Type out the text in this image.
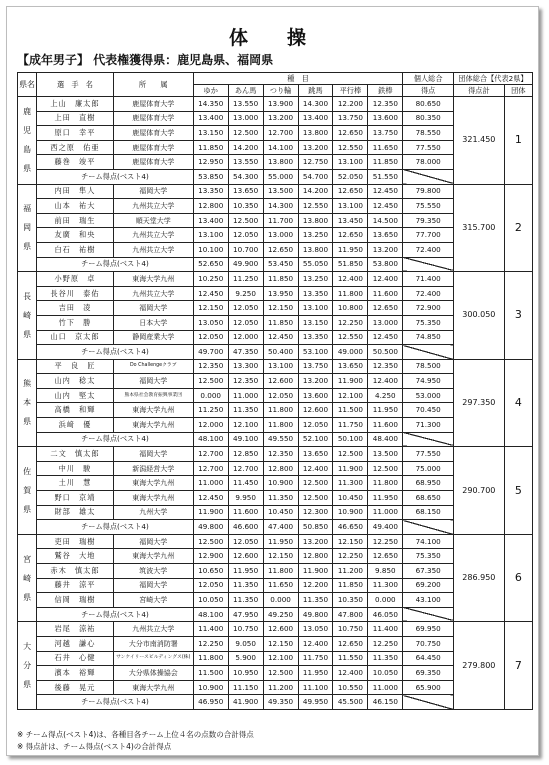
体　操
【成年男子】 代表権獲得県：鹿児島県、福岡県
県名	選　手　名	所　　属	種　目						個人総合	団体総合【代表2県】	
			ゆか	あん馬	つり輪	跳馬	平行棒	鉄棒	得点	得点計	団体

鹿
児
島
県	上山　廉太郎	鹿屋体育大学	14.350	13.550	13.900	14.300	12.200	12.350	80.650	321.450	1
	上田　直樹	鹿屋体育大学	13.400	13.000	13.200	13.400	13.750	13.600	80.350		
	原口　幸平	鹿屋体育大学	13.150	12.500	12.700	13.800	12.650	13.750	78.550		
	西之原　佑亜	鹿屋体育大学	11.850	14.200	14.100	13.200	12.550	11.650	77.550		
	藤巻　竣平	鹿屋体育大学	12.950	13.550	13.800	12.750	13.100	11.850	78.000		
	チーム得点(ベスト4)		53.850	54.300	55.000	54.700	52.050	51.550			

福
岡
県	内田　隼人	福岡大学	13.350	13.650	13.500	14.200	12.650	12.450	79.800	315.700	2
	山本　祐大	九州共立大学	12.800	10.350	14.300	12.550	13.100	12.450	75.550		
	前田　瑞生	順天堂大学	13.400	12.500	11.700	13.800	13.450	14.500	79.350		
	友廣　和央	九州共立大学	13.100	12.050	13.000	13.250	12.650	13.650	77.700		
	白石　祐樹	九州共立大学	10.100	10.700	12.650	13.800	11.950	13.200	72.400		
	チーム得点(ベスト4)		52.650	49.900	53.450	55.050	51.850	53.800			

長
崎
県	小野原　卓	東海大学九州	10.250	11.250	11.850	13.250	12.400	12.400	71.400	300.050	3
	長谷川　泰佑	九州共立大学	12.450	9.250	13.950	13.350	11.800	11.600	72.400		
	吉田　凌	福岡大学	12.150	12.050	12.150	13.100	10.800	12.650	72.900		
	竹下　勝	日本大学	13.050	12.050	11.850	13.150	12.250	13.000	75.350		
	山口　京太郎	静岡産業大学	12.050	12.000	12.450	13.350	12.550	12.450	74.850		
	チーム得点(ベスト4)		49.700	47.350	50.400	53.100	49.000	50.500			

熊
本
県	平　良　匠	Do Challengeクラブ	12.350	13.300	13.100	13.750	13.650	12.350	78.500	297.350	4
	山内　稔太	福岡大学	12.500	12.350	12.600	13.200	11.900	12.400	74.950		
	山内　堅太	熊本県社会教育振興事業団	0.000	11.000	12.050	13.600	12.100	4.250	53.000		
	高橋　和輝	東海大学九州	11.250	11.350	11.800	12.600	11.500	11.950	70.450		
	浜﨑　優	東海大学九州	12.000	12.100	11.800	12.050	11.750	11.600	71.300		
	チーム得点(ベスト4)		48.100	49.100	49.550	52.100	50.100	48.400			

佐
賀
県	二文　慎太郎	福岡大学	12.700	12.850	12.350	13.650	12.500	13.500	77.550	290.700	5
	中川　駿	新潟経営大学	12.700	12.700	12.800	12.400	11.900	12.500	75.000		
	土川　慧	東海大学九州	11.000	11.450	10.900	12.500	11.300	11.800	68.950		
	野口　京靖	東海大学九州	12.450	9.950	11.350	12.500	10.450	11.950	68.650		
	財部　雄太	九州大学	11.900	11.600	10.450	12.300	10.900	11.000	68.150		
	チーム得点(ベスト4)		49.800	46.600	47.400	50.850	46.650	49.400			

宮
崎
県	吏田　瑞樹	福岡大学	12.500	12.050	11.950	13.200	12.150	12.250	74.100	286.950	6
	鷲谷　大地	東海大学九州	12.900	12.600	12.150	12.800	12.250	12.650	75.350		
	赤木　慎太郎	筑波大学	10.650	11.950	11.800	11.900	11.200	9.850	67.350		
	藤井　涼平	福岡大学	12.050	11.350	11.650	12.200	11.850	11.300	69.200		
	信岡　瑞樹	宮崎大学	10.050	11.350	0.000	11.350	10.350	0.000	43.100		
	チーム得点(ベスト4)		48.100	47.950	49.250	49.800	47.800	46.050			

大
分
県	岩尾　涼祐	九州共立大学	11.400	10.750	12.600	13.050	10.750	11.400	69.950	279.800	7
	河越　謙心	大分市南消防署	12.250	9.050	12.150	12.400	12.650	12.250	70.750		
	石井　心健	サンケイリースビルディングス(株)	11.800	5.900	12.100	11.750	11.550	11.350	64.450		
	濱本　裕輝	大分県体操協会	11.500	10.950	12.500	11.950	12.400	10.050	69.350		
	後藤　晃元	東海大学九州	10.900	11.150	11.200	11.100	10.550	11.000	65.900		
	チーム得点(ベスト4)		46.950	41.900	49.350	49.950	45.500	46.150			
※ チーム得点(ベスト4)は、各種目各チーム上位４名の点数の合計得点
※ 得点計は、チーム得点(ベスト4)の合計得点
